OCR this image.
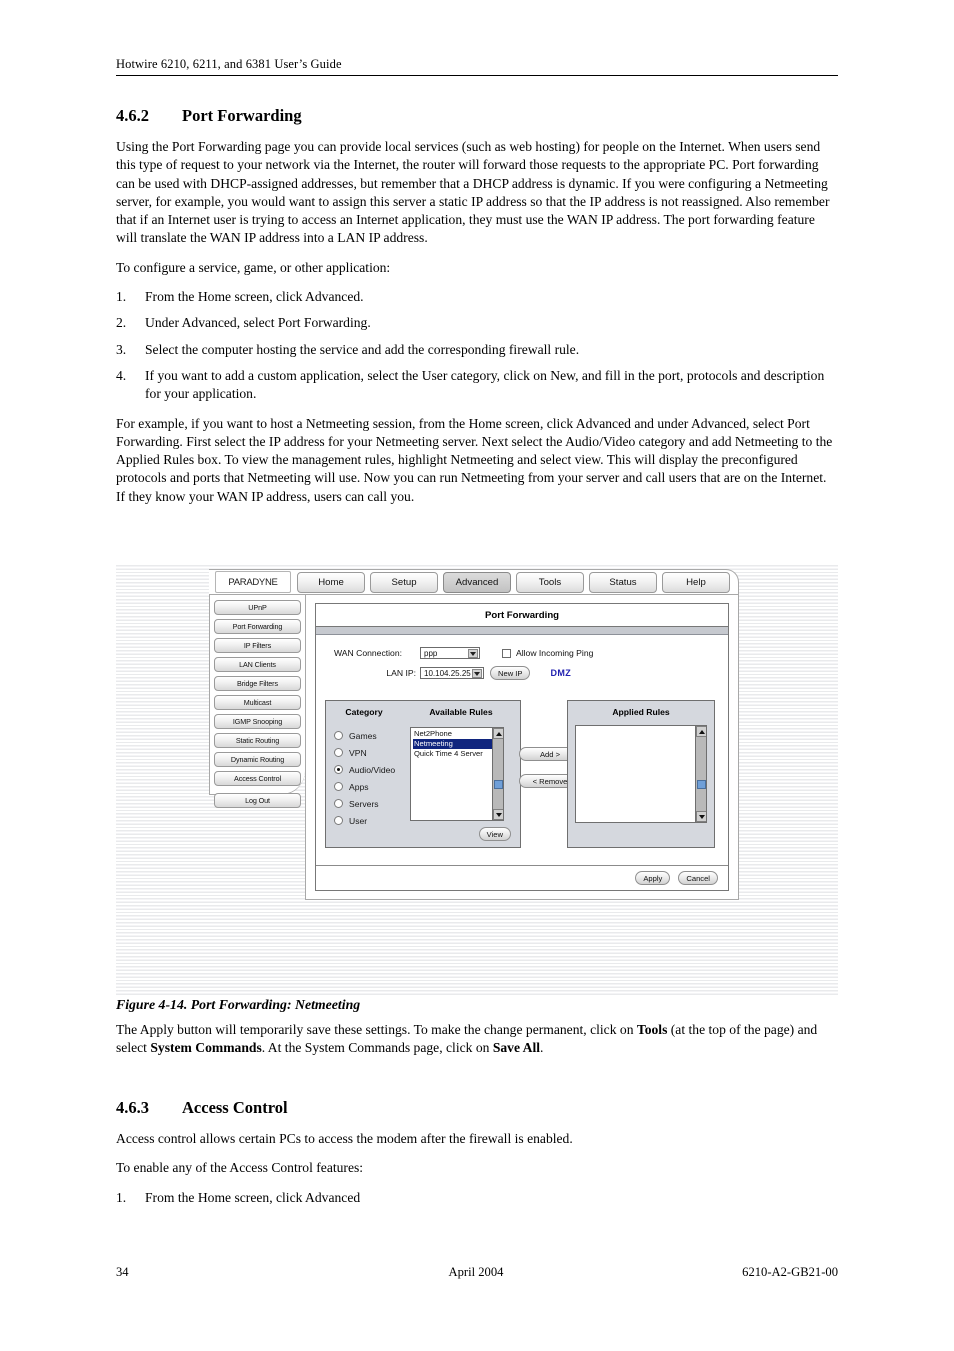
Hotwire 6210, 6211, and 6381 User’s Guide
4.6.2	Port Forwarding

Using the Port Forwarding page you can provide local services (such as web hosting) for people on the Internet. When users send this type of request to your network via the Internet, the router will forward those requests to the appropriate PC. Port forwarding can be used with DHCP-assigned addresses, but remember that a DHCP address is dynamic. If you were configuring a Netmeeting server, for example, you would want to assign this server a static IP address so that the IP address is not reassigned. Also remember that if an Internet user is trying to access an Internet application, they must use the WAN IP address. The port forwarding feature will translate the WAN IP address into a LAN IP address.

To configure a service, game, or other application:

1. From the Home screen, click Advanced.
2. Under Advanced, select Port Forwarding.
3. Select the computer hosting the service and add the corresponding firewall rule.
4. If you want to add a custom application, select the User category, click on New, and fill in the port, protocols and description for your application.

For example, if you want to host a Netmeeting session, from the Home screen, click Advanced and under Advanced, select Port Forwarding. First select the IP address for your Netmeeting server. Next select the Audio/Video category and add Netmeeting to the Applied Rules box. To view the management rules, highlight Netmeeting and select view. This will display the preconfigured protocols and ports that Netmeeting will use. Now you can run Netmeeting from your server and call users that are on the Internet. If they know your WAN IP address, users can call you.

PARADYNE	Home	Setup	Advanced	Tools	Status	Help
UPnP
Port Forwarding
IP Filters
LAN Clients
Bridge Filters
Multicast
IGMP Snooping
Static Routing
Dynamic Routing
Access Control
Log Out
Port Forwarding
WAN Connection:	ppp	Allow Incoming Ping
LAN IP:	10.104.25.25	New IP	DMZ
Category	Available Rules
Games
VPN
Audio/Video
Apps
Servers
User
Net2Phone
Netmeeting
Quick Time 4 Server
View
Add >
< Remove
Applied Rules
Apply	Cancel
Figure 4-14. Port Forwarding: Netmeeting

The Apply button will temporarily save these settings. To make the change permanent, click on Tools (at the top of the page) and select System Commands. At the System Commands page, click on Save All.

4.6.3	Access Control

Access control allows certain PCs to access the modem after the firewall is enabled.

To enable any of the Access Control features:

1. From the Home screen, click Advanced
34	April 2004	6210-A2-GB21-00
